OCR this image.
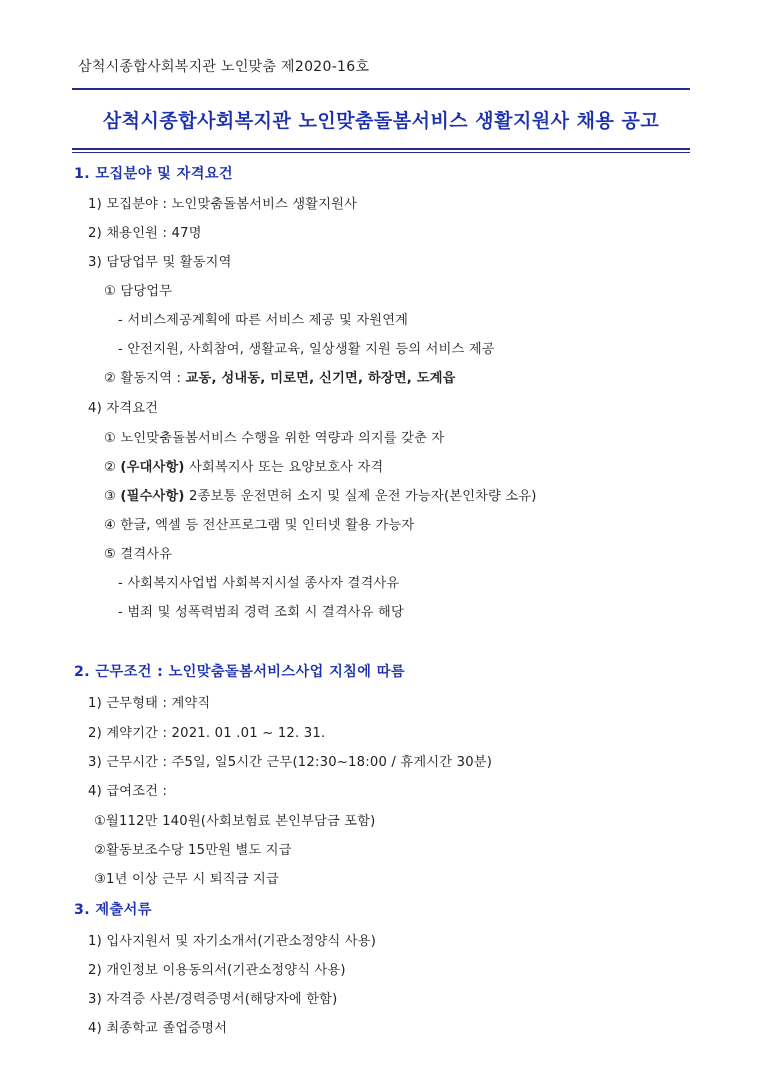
삼척시종합사회복지관 노인맞춤 제2020-16호
삼척시종합사회복지관 노인맞춤돌봄서비스 생활지원사 채용 공고
1. 모집분야 및 자격요건
1) 모집분야 : 노인맞춤돌봄서비스 생활지원사
2) 채용인원 : 47명
3) 담당업무 및 활동지역
① 담당업무
- 서비스제공계획에 따른 서비스 제공 및 자원연계
- 안전지원, 사회참여, 생활교육, 일상생활 지원 등의 서비스 제공
② 활동지역 : 교동, 성내동, 미로면, 신기면, 하장면, 도계읍
4) 자격요건
① 노인맞춤돌봄서비스 수행을 위한 역량과 의지를 갖춘 자
② (우대사항) 사회복지사 또는 요양보호사 자격
③ (필수사항) 2종보통 운전면허 소지 및 실제 운전 가능자(본인차량 소유)
④ 한글, 엑셀 등 전산프로그램 및 인터넷 활용 가능자
⑤ 결격사유
- 사회복지사업법 사회복지시설 종사자 결격사유
- 범죄 및 성폭력범죄 경력 조회 시 결격사유 해당
2. 근무조건 : 노인맞춤돌봄서비스사업 지침에 따름
1) 근무형태 : 계약직
2) 계약기간 : 2021. 01 .01 ~ 12. 31.
3) 근무시간 : 주5일, 일5시간 근무(12:30~18:00 / 휴게시간 30분)
4) 급여조건 :
①월112만 140원(사회보험료 본인부담금 포함)
②활동보조수당 15만원 별도 지급
③1년 이상 근무 시 퇴직금 지급
3. 제출서류
1) 입사지원서 및 자기소개서(기관소정양식 사용)
2) 개인정보 이용동의서(기관소정양식 사용)
3) 자격증 사본/경력증명서(해당자에 한함)
4) 최종학교 졸업증명서
